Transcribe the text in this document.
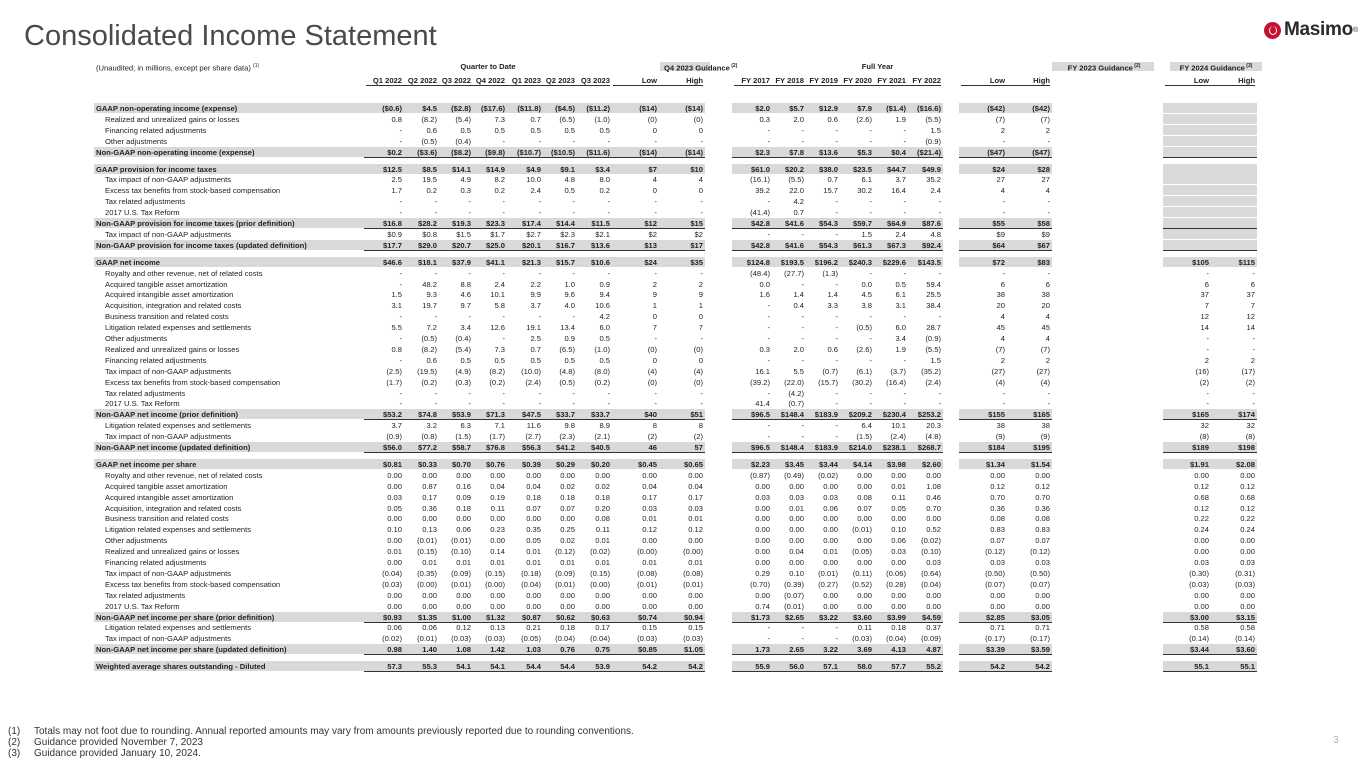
Consolidated Income Statement	Masimo ®
(Unaudited; in millions, except per share data) $^{(1)}$	Quarter to Date	Q4 2023 Guidance $^{(2)}$	Full Year	FY 2023 Guidance $^{(2)}$	FY 2024 Guidance $^{(3)}$
Q1 2022 Q2 2022 Q3 2022 Q4 2022 Q1 2023 Q2 2023 Q3 2023	Low	High	FY 2017 FY 2018 FY 2019 FY 2020 FY 2021 FY 2022	Low	High	Low	High
GAAP non-operating income (expense)	($0.6)	$4.5	($2.8)	($17.6)	($11.8)	($4.5)	($11.2)	($14)	($14)	$2.0	$5.7	$12.9	$7.9	($1.4)	($16.6)	($42)	($42)
Realized and unrealized gains or losses	0.8	(8.2)	(5.4)	7.3	0.7	(6.5)	(1.0)	(0)	(0)	0.3	2.0	0.6	(2.6)	1.9	(5.5)	(7)	(7)
Financing related adjustments	-	0.6	0.5	0.5	0.5	0.5	0.5	0	0	-	-	-	-	-	1.5	2	2
Other adjustments	-	(0.5)	(0.4)	-	-	-	-	-	-	-	-	-	-	-	(0.9)	-	-
Non-GAAP non-operating income (expense)	$0.2	($3.6)	($8.2)	($9.8)	($10.7)	($10.5)	($11.6)	($14)	($14)	$2.3	$7.8	$13.6	$5.3	$0.4	($21.4)	($47)	($47)
GAAP provision for income taxes	$12.5	$8.5	$14.1	$14.9	$4.9	$9.1	$3.4	$7	$10	$61.0	$20.2	$38.0	$23.5	$44.7	$49.9	$24	$28
Tax impact of non-GAAP adjustments	2.5	19.5	4.9	8.2	10.0	4.8	8.0	4	4	(16.1)	(5.5)	0.7	6.1	3.7	35.2	27	27
Excess tax benefits from stock-based compensation	1.7	0.2	0.3	0.2	2.4	0.5	0.2	0	0	39.2	22.0	15.7	30.2	16.4	2.4	4	4
Tax related adjustments	-	-	-	-	-	-	-	-	-	-	4.2	-	-	-	-	-	-
2017 U.S. Tax Reform	-	-	-	-	-	-	-	-	-	(41.4)	0.7	-	-	-	-	-	-
Non-GAAP provision for income taxes (prior definition)	$16.8	$28.2	$19.3	$23.3	$17.4	$14.4	$11.5	$12	$15	$42.8	$41.6	$54.3	$59.7	$64.9	$87.6	$55	$58
Tax impact of non-GAAP adjustments	$0.9	$0.8	$1.5	$1.7	$2.7	$2.3	$2.1	$2	$2	-	-	-	1.5	2.4	4.8	$9	$9
Non-GAAP provision for income taxes (updated definition)	$17.7	$29.0	$20.7	$25.0	$20.1	$16.7	$13.6	$13	$17	$42.8	$41.6	$54.3	$61.3	$67.3	$92.4	$64	$67
GAAP net income	$46.6	$18.1	$37.9	$41.1	$21.3	$15.7	$10.6	$24	$35	$124.8	$193.5	$196.2	$240.3	$229.6	$143.5	$72	$83	$105	$115
Royalty and other revenue, net of related costs	-	-	-	-	-	-	-	-	-	(48.4)	(27.7)	(1.3)	-	-	-	-	-	-	-
Acquired tangible asset amortization	-	48.2	8.8	2.4	2.2	1.0	0.9	2	2	0.0	-	-	0.0	0.5	59.4	6	6	6	6
Acquired intangible asset amortization	1.5	9.3	4.6	10.1	9.9	9.6	9.4	9	9	1.6	1.4	1.4	4.5	6.1	25.5	38	38	37	37
Acquisition, integration and related costs	3.1	19.7	9.7	5.8	3.7	4.0	10.6	1	1	-	0.4	3.3	3.8	3.1	38.4	20	20	7	7
Business transition and related costs	-	-	-	-	-	-	4.2	0	0	-	-	-	-	-	-	4	4	12	12
Litigation related expenses and settlements	5.5	7.2	3.4	12.6	19.1	13.4	6.0	7	7	-	-	-	(0.5)	6.0	28.7	45	45	14	14
Other adjustments	-	(0.5)	(0.4)	-	2.5	0.9	0.5	-	-	-	-	-	-	3.4	(0.9)	4	4	-	-
Realized and unrealized gains or losses	0.8	(8.2)	(5.4)	7.3	0.7	(6.5)	(1.0)	(0)	(0)	0.3	2.0	0.6	(2.6)	1.9	(5.5)	(7)	(7)	-	-
Financing related adjustments	-	0.6	0.5	0.5	0.5	0.5	0.5	0	0	-	-	-	-	-	1.5	2	2	2	2
Tax impact of non-GAAP adjustments	(2.5)	(19.5)	(4.9)	(8.2)	(10.0)	(4.8)	(8.0)	(4)	(4)	16.1	5.5	(0.7)	(6.1)	(3.7)	(35.2)	(27)	(27)	(16)	(17)
Excess tax benefits from stock-based compensation	(1.7)	(0.2)	(0.3)	(0.2)	(2.4)	(0.5)	(0.2)	(0)	(0)	(39.2)	(22.0)	(15.7)	(30.2)	(16.4)	(2.4)	(4)	(4)	(2)	(2)
Tax related adjustments	-	-	-	-	-	-	-	-	-	-	(4.2)	-	-	-	-	-	-	-	-
2017 U.S. Tax Reform	-	-	-	-	-	-	-	-	-	41.4	(0.7)	-	-	-	-	-	-	-	-
Non-GAAP net income (prior definition)	$53.2	$74.8	$53.9	$71.3	$47.5	$33.7	$33.7	$40	$51	$96.5	$148.4	$183.9	$209.2	$230.4	$253.2	$155	$165	$165	$174
Litigation related expenses and settlements	3.7	3.2	6.3	7.1	11.6	9.8	8.9	8	8	-	-	-	6.4	10.1	20.3	38	38	32	32
Tax impact of non-GAAP adjustments	(0.9)	(0.8)	(1.5)	(1.7)	(2.7)	(2.3)	(2.1)	(2)	(2)	-	-	-	(1.5)	(2.4)	(4.8)	(9)	(9)	(8)	(8)
Non-GAAP net income (updated definition)	$56.0	$77.2	$58.7	$76.8	$56.3	$41.2	$40.5	46	57	$96.5	$148.4	$183.9	$214.0	$238.1	$268.7	$184	$195	$189	$198
GAAP net income per share	$0.81	$0.33	$0.70	$0.76	$0.39	$0.29	$0.20	$0.45	$0.65	$2.23	$3.45	$3.44	$4.14	$3.98	$2.60	$1.34	$1.54	$1.91	$2.08
Royalty and other revenue, net of related costs	0.00	0.00	0.00	0.00	0.00	0.00	0.00	0.00	0.00	(0.87)	(0.49)	(0.02)	0.00	0.00	0.00	0.00	0.00	0.00	0.00
Acquired tangible asset amortization	0.00	0.87	0.16	0.04	0.04	0.02	0.02	0.04	0.04	0.00	0.00	0.00	0.00	0.01	1.08	0.12	0.12	0.12	0.12
Acquired intangible asset amortization	0.03	0.17	0.09	0.19	0.18	0.18	0.18	0.17	0.17	0.03	0.03	0.03	0.08	0.11	0.46	0.70	0.70	0.68	0.68
Acquisition, integration and related costs	0.05	0.36	0.18	0.11	0.07	0.07	0.20	0.03	0.03	0.00	0.01	0.06	0.07	0.05	0.70	0.36	0.36	0.12	0.12
Business transition and related costs	0.00	0.00	0.00	0.00	0.00	0.00	0.08	0.01	0.01	0.00	0.00	0.00	0.00	0.00	0.00	0.08	0.08	0.22	0.22
Litigation related expenses and settlements	0.10	0.13	0.06	0.23	0.35	0.25	0.11	0.12	0.12	0.00	0.00	0.00	(0.01)	0.10	0.52	0.83	0.83	0.24	0.24
Other adjustments	0.00	(0.01)	(0.01)	0.00	0.05	0.02	0.01	0.00	0.00	0.00	0.00	0.00	0.00	0.06	(0.02)	0.07	0.07	0.00	0.00
Realized and unrealized gains or losses	0.01	(0.15)	(0.10)	0.14	0.01	(0.12)	(0.02)	(0.00)	(0.00)	0.00	0.04	0.01	(0.05)	0.03	(0.10)	(0.12)	(0.12)	0.00	0.00
Financing related adjustments	0.00	0.01	0.01	0.01	0.01	0.01	0.01	0.01	0.01	0.00	0.00	0.00	0.00	0.00	0.03	0.03	0.03	0.03	0.03
Tax impact of non-GAAP adjustments	(0.04)	(0.35)	(0.09)	(0.15)	(0.18)	(0.09)	(0.15)	(0.08)	(0.08)	0.29	0.10	(0.01)	(0.11)	(0.06)	(0.64)	(0.50)	(0.50)	(0.30)	(0.31)
Excess tax benefits from stock-based compensation	(0.03)	(0.00)	(0.01)	(0.00)	(0.04)	(0.01)	(0.00)	(0.01)	(0.01)	(0.70)	(0.39)	(0.27)	(0.52)	(0.28)	(0.04)	(0.07)	(0.07)	(0.03)	(0.03)
Tax related adjustments	0.00	0.00	0.00	0.00	0.00	0.00	0.00	0.00	0.00	0.00	(0.07)	0.00	0.00	0.00	0.00	0.00	0.00	0.00	0.00
2017 U.S. Tax Reform	0.00	0.00	0.00	0.00	0.00	0.00	0.00	0.00	0.00	0.74	(0.01)	0.00	0.00	0.00	0.00	0.00	0.00	0.00	0.00
Non-GAAP net income per share (prior definition)	$0.93	$1.35	$1.00	$1.32	$0.87	$0.62	$0.63	$0.74	$0.94	$1.73	$2.65	$3.22	$3.60	$3.99	$4.59	$2.85	$3.05	$3.00	$3.15
Litigation related expenses and settlements	0.06	0.06	0.12	0.13	0.21	0.18	0.17	0.15	0.15	-	-	-	0.11	0.18	0.37	0.71	0.71	0.58	0.58
Tax impact of non-GAAP adjustments	(0.02)	(0.01)	(0.03)	(0.03)	(0.05)	(0.04)	(0.04)	(0.03)	(0.03)	-	-	-	(0.03)	(0.04)	(0.09)	(0.17)	(0.17)	(0.14)	(0.14)
Non-GAAP net income per share (updated definition)	0.98	1.40	1.08	1.42	1.03	0.76	0.75	$0.85	$1.05	1.73	2.65	3.22	3.69	4.13	4.87	$3.39	$3.59	$3.44	$3.60
Weighted average shares outstanding - Diluted	57.3	55.3	54.1	54.1	54.4	54.4	53.9	54.2	54.2	55.9	56.0	57.1	58.0	57.7	55.2	54.2	54.2	55.1	55.1
(1) Totals may not foot due to rounding. Annual reported amounts may vary from amounts previously reported due to rounding conventions.
(2) Guidance provided November 7, 2023
(3) Guidance provided January 10, 2024.
3
